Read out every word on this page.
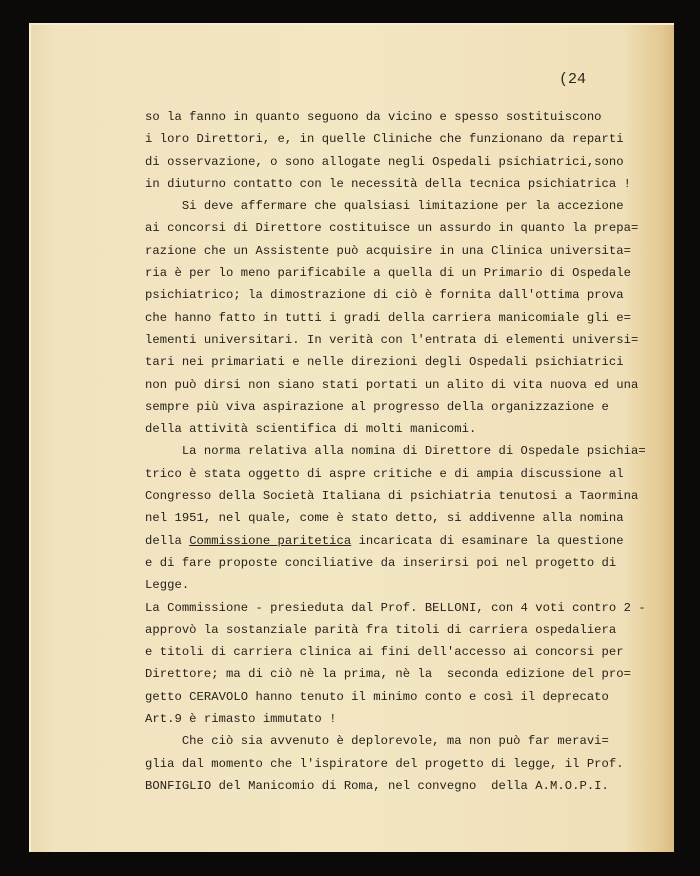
(24
so la fanno in quanto seguono da vicino e spesso sostituiscono
i loro Direttori, e, in quelle Cliniche che funzionano da reparti
di osservazione, o sono allogate negli Ospedali psichiatrici,sono
in diuturno contatto con le necessità della tecnica psichiatrica !
Si deve affermare che qualsiasi limitazione per la accezione
ai concorsi di Direttore costituisce un assurdo in quanto la prepa=
razione che un Assistente può acquisire in una Clinica universita=
ria è per lo meno parificabile a quella di un Primario di Ospedale
psichiatrico; la dimostrazione di ciò è fornita dall'ottima prova
che hanno fatto in tutti i gradi della carriera manicomiale gli e=
lementi universitari. In verità con l'entrata di elementi universi=
tari nei primariati e nelle direzioni degli Ospedali psichiatrici
non può dirsi non siano stati portati un alito di vita nuova ed una
sempre più viva aspirazione al progresso della organizzazione e
della attività scientifica di molti manicomi.
La norma relativa alla nomina di Direttore di Ospedale psichia=
trico è stata oggetto di aspre critiche e di ampia discussione al
Congresso della Società Italiana di psichiatria tenutosi a Taormina
nel 1951, nel quale, come è stato detto, si addivenne alla nomina
della Commissione paritetica incaricata di esaminare la questione
e di fare proposte conciliative da inserirsi poi nel progetto di
Legge.
La Commissione - presieduta dal Prof. BELLONI, con 4 voti contro 2 -
approvò la sostanziale parità fra titoli di carriera ospedaliera
e titoli di carriera clinica ai fini dell'accesso ai concorsi per
Direttore; ma di ciò nè la prima, nè la  seconda edizione del pro=
getto CERAVOLO hanno tenuto il minimo conto e così il deprecato
Art.9 è rimasto immutato !
Che ciò sia avvenuto è deplorevole, ma non può far meravi=
glia dal momento che l'ispiratore del progetto di legge, il Prof.
BONFIGLIO del Manicomio di Roma, nel convegno  della A.M.O.P.I.
